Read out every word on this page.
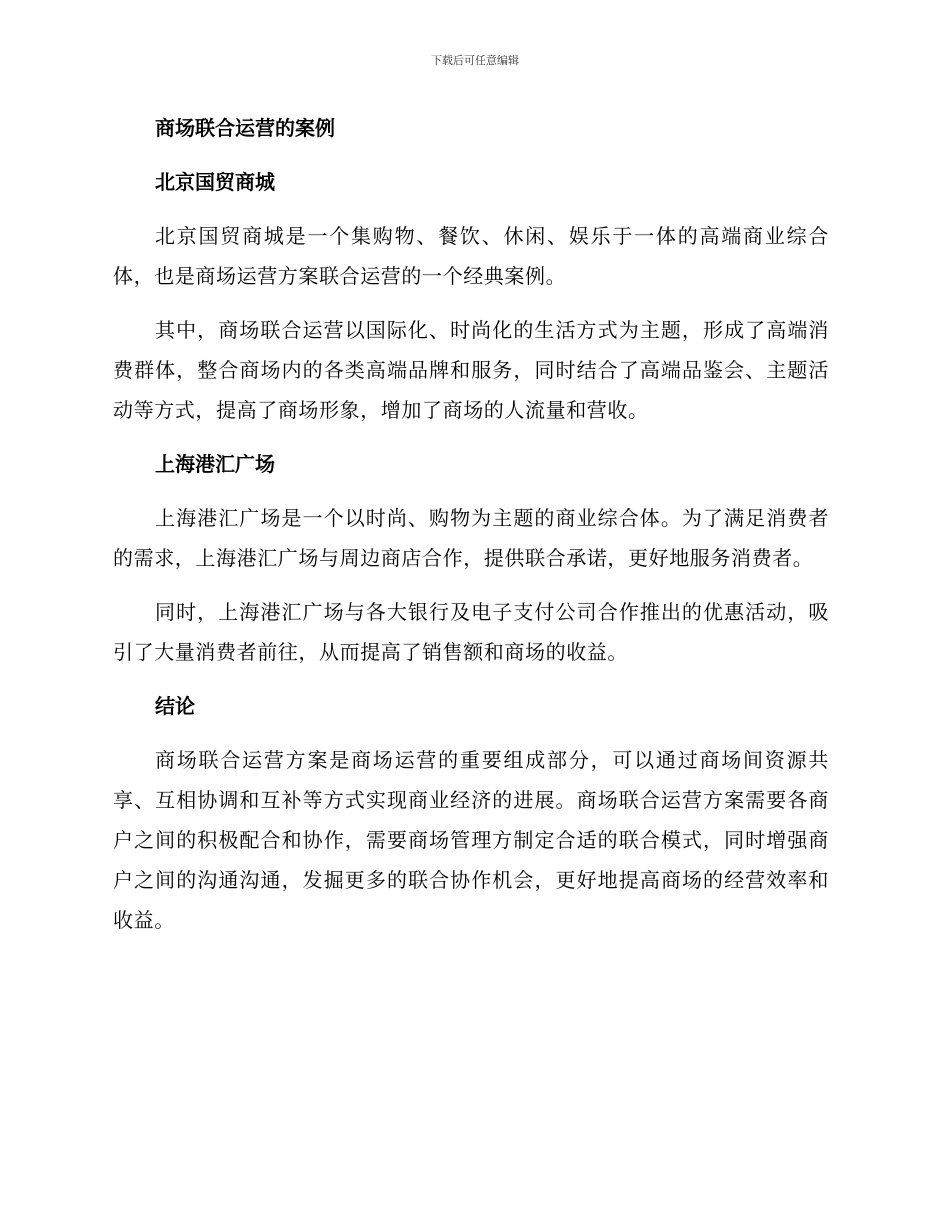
下载后可任意编辑
商场联合运营的案例
北京国贸商城

北京国贸商城是一个集购物、餐饮、休闲、娱乐于一体的高端商业综合体，也是商场运营方案联合运营的一个经典案例。

其中，商场联合运营以国际化、时尚化的生活方式为主题，形成了高端消费群体，整合商场内的各类高端品牌和服务，同时结合了高端品鉴会、主题活动等方式，提高了商场形象，增加了商场的人流量和营收。

上海港汇广场

上海港汇广场是一个以时尚、购物为主题的商业综合体。为了满足消费者的需求，上海港汇广场与周边商店合作，提供联合承诺，更好地服务消费者。

同时，上海港汇广场与各大银行及电子支付公司合作推出的优惠活动，吸引了大量消费者前往，从而提高了销售额和商场的收益。

结论

商场联合运营方案是商场运营的重要组成部分，可以通过商场间资源共享、互相协调和互补等方式实现商业经济的进展。商场联合运营方案需要各商户之间的积极配合和协作，需要商场管理方制定合适的联合模式，同时增强商户之间的沟通沟通，发掘更多的联合协作机会，更好地提高商场的经营效率和收益。
